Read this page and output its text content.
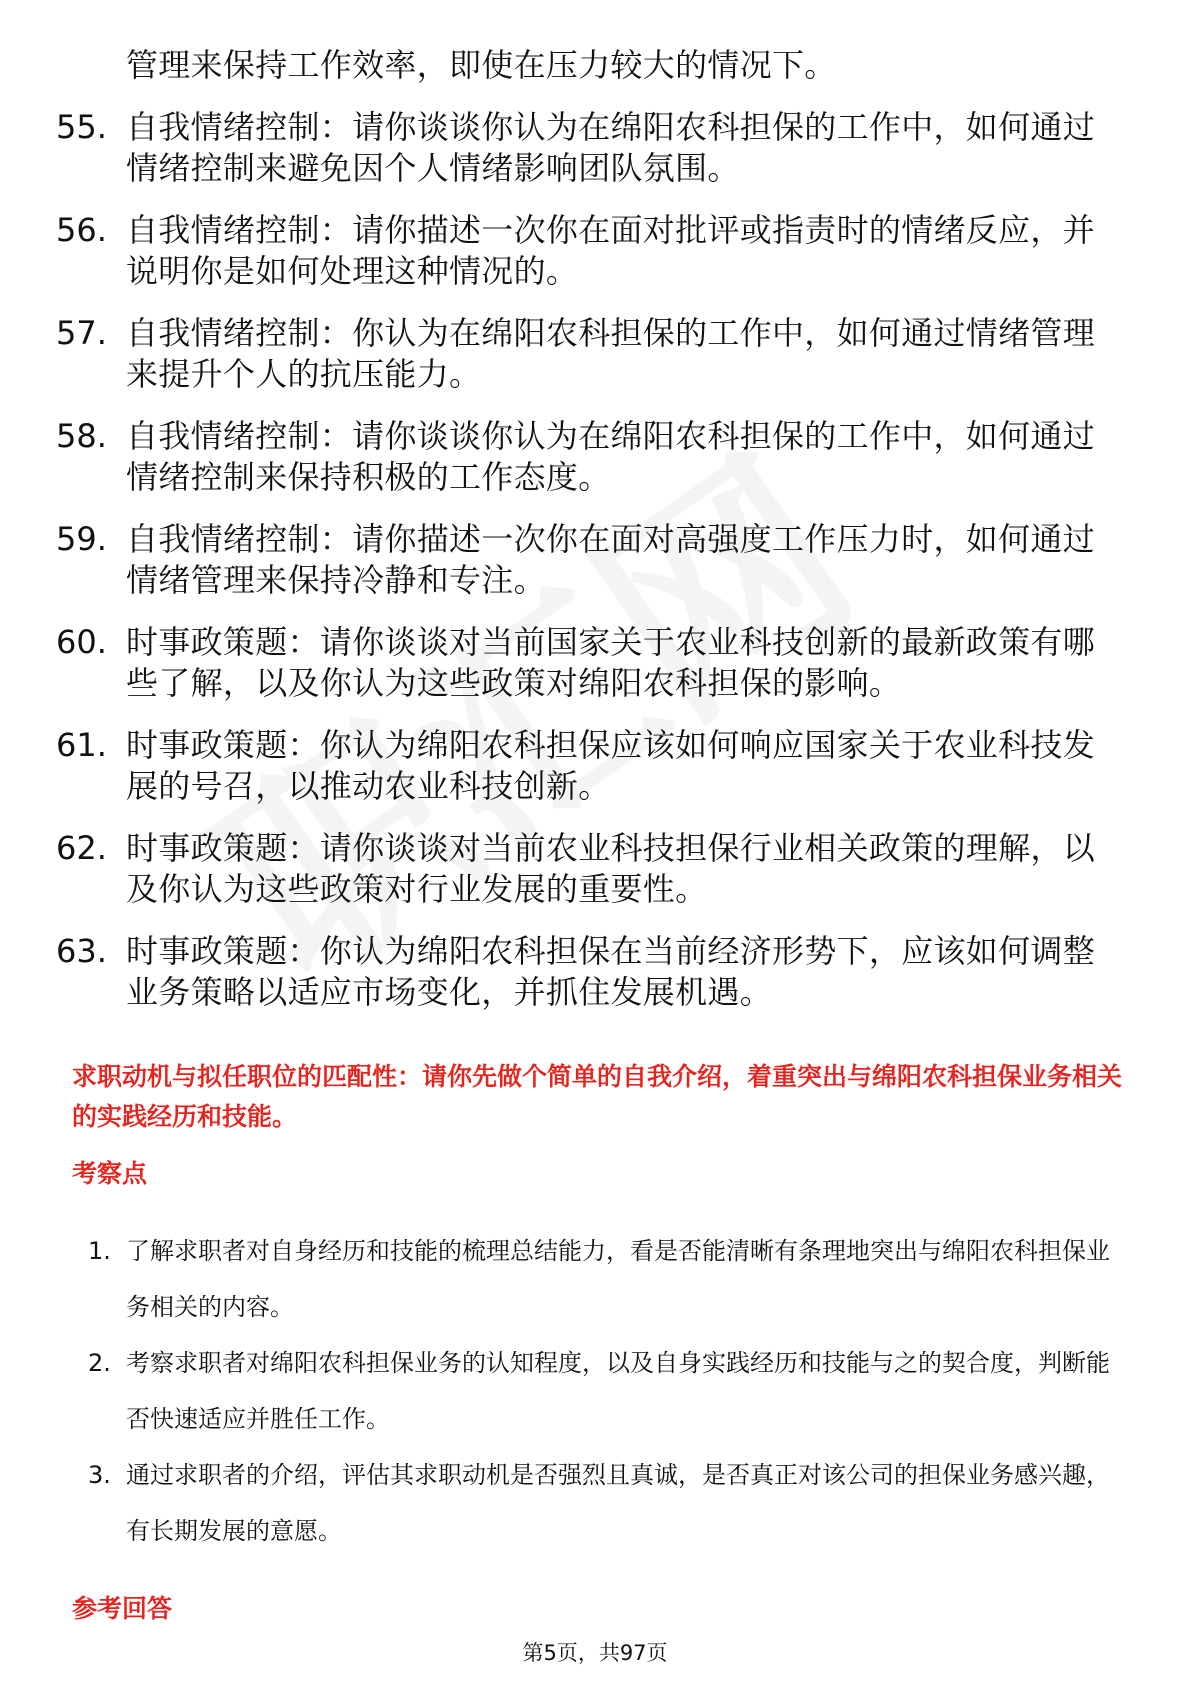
管理来保持工作效率，即使在压力较大的情况下。
55. 自我情绪控制：请你谈谈你认为在绵阳农科担保的工作中，如何通过情绪控制来避免因个人情绪影响团队氛围。
56. 自我情绪控制：请你描述一次你在面对批评或指责时的情绪反应，并说明你是如何处理这种情况的。
57. 自我情绪控制：你认为在绵阳农科担保的工作中，如何通过情绪管理来提升个人的抗压能力。
58. 自我情绪控制：请你谈谈你认为在绵阳农科担保的工作中，如何通过情绪控制来保持积极的工作态度。
59. 自我情绪控制：请你描述一次你在面对高强度工作压力时，如何通过情绪管理来保持冷静和专注。
60. 时事政策题：请你谈谈对当前国家关于农业科技创新的最新政策有哪些了解，以及你认为这些政策对绵阳农科担保的影响。
61. 时事政策题：你认为绵阳农科担保应该如何响应国家关于农业科技发展的号召，以推动农业科技创新。
62. 时事政策题：请你谈谈对当前农业科技担保行业相关政策的理解，以及你认为这些政策对行业发展的重要性。
63. 时事政策题：你认为绵阳农科担保在当前经济形势下，应该如何调整业务策略以适应市场变化，并抓住发展机遇。
求职动机与拟任职位的匹配性：请你先做个简单的自我介绍，着重突出与绵阳农科担保业务相关的实践经历和技能。
考察点
1. 了解求职者对自身经历和技能的梳理总结能力，看是否能清晰有条理地突出与绵阳农科担保业务相关的内容。
2. 考察求职者对绵阳农科担保业务的认知程度，以及自身实践经历和技能与之的契合度，判断能否快速适应并胜任工作。
3. 通过求职者的介绍，评估其求职动机是否强烈且真诚，是否真正对该公司的担保业务感兴趣，有长期发展的意愿。
参考回答
第5页，共97页
